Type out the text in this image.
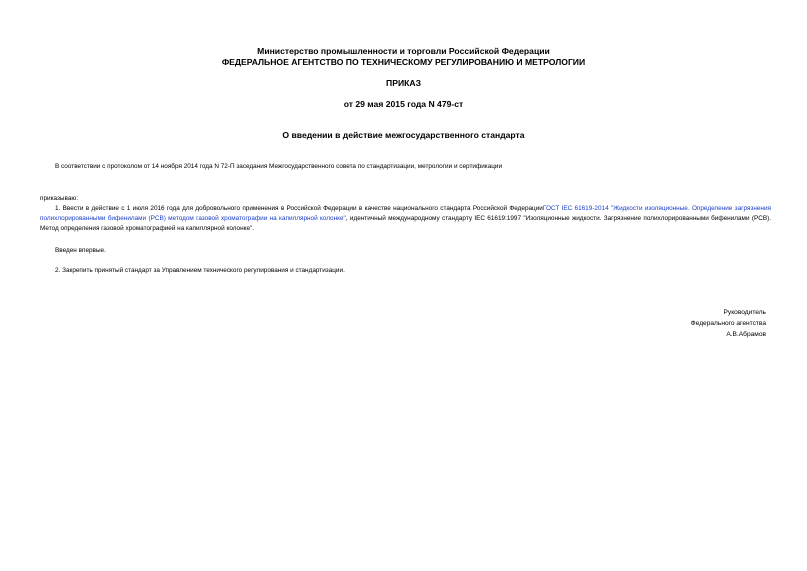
Министерство промышленности и торговли Российской Федерации
ФЕДЕРАЛЬНОЕ АГЕНТСТВО ПО ТЕХНИЧЕСКОМУ РЕГУЛИРОВАНИЮ И МЕТРОЛОГИИ
ПРИКАЗ
от 29 мая 2015 года N 479-ст
О введении в действие межгосударственного стандарта
В соответствии с протоколом от 14 ноября 2014 года N 72-П заседания Межгосударственного совета по стандартизации, метрологии и сертификации
приказываю:
1. Ввести в действие с 1 июля 2016 года для добровольного применения в Российской Федерации в качестве национального стандарта Российской ФедерацииГОСТ IEC 61619-2014 "Жидкости изоляционные. Определение загрязнения полихлорированными бифенилами (PCB) методом газовой хроматографии на капиллярной колонке", идентичный международному стандарту IEC 61619:1997 "Изоляционные жидкости. Загрязнение полихлорированными бифенилами (PCB). Метод определения газовой хроматографией на капиллярной колонке".
Введен впервые.
2. Закрепить принятый стандарт за Управлением технического регулирования и стандартизации.
Руководитель
Федерального агентства
А.В.Абрамов
